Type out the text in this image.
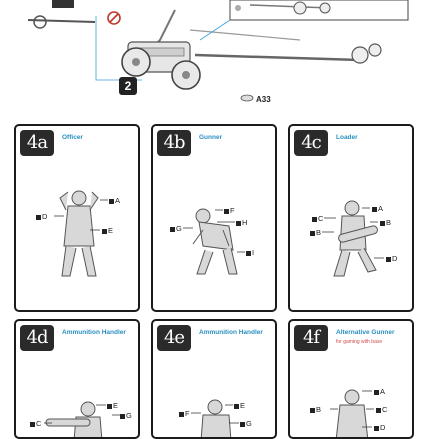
2
A33
4a	Officer
A
D
E
4b	Gunner
F
H
G
I
4c	Loader
A
C	B
B
D
4d	Ammunition Handler
E
G
C
4e	Ammunition Handler
E
F
G
4f	Alternative Gunner
for gaming with base
A
B	C
D
